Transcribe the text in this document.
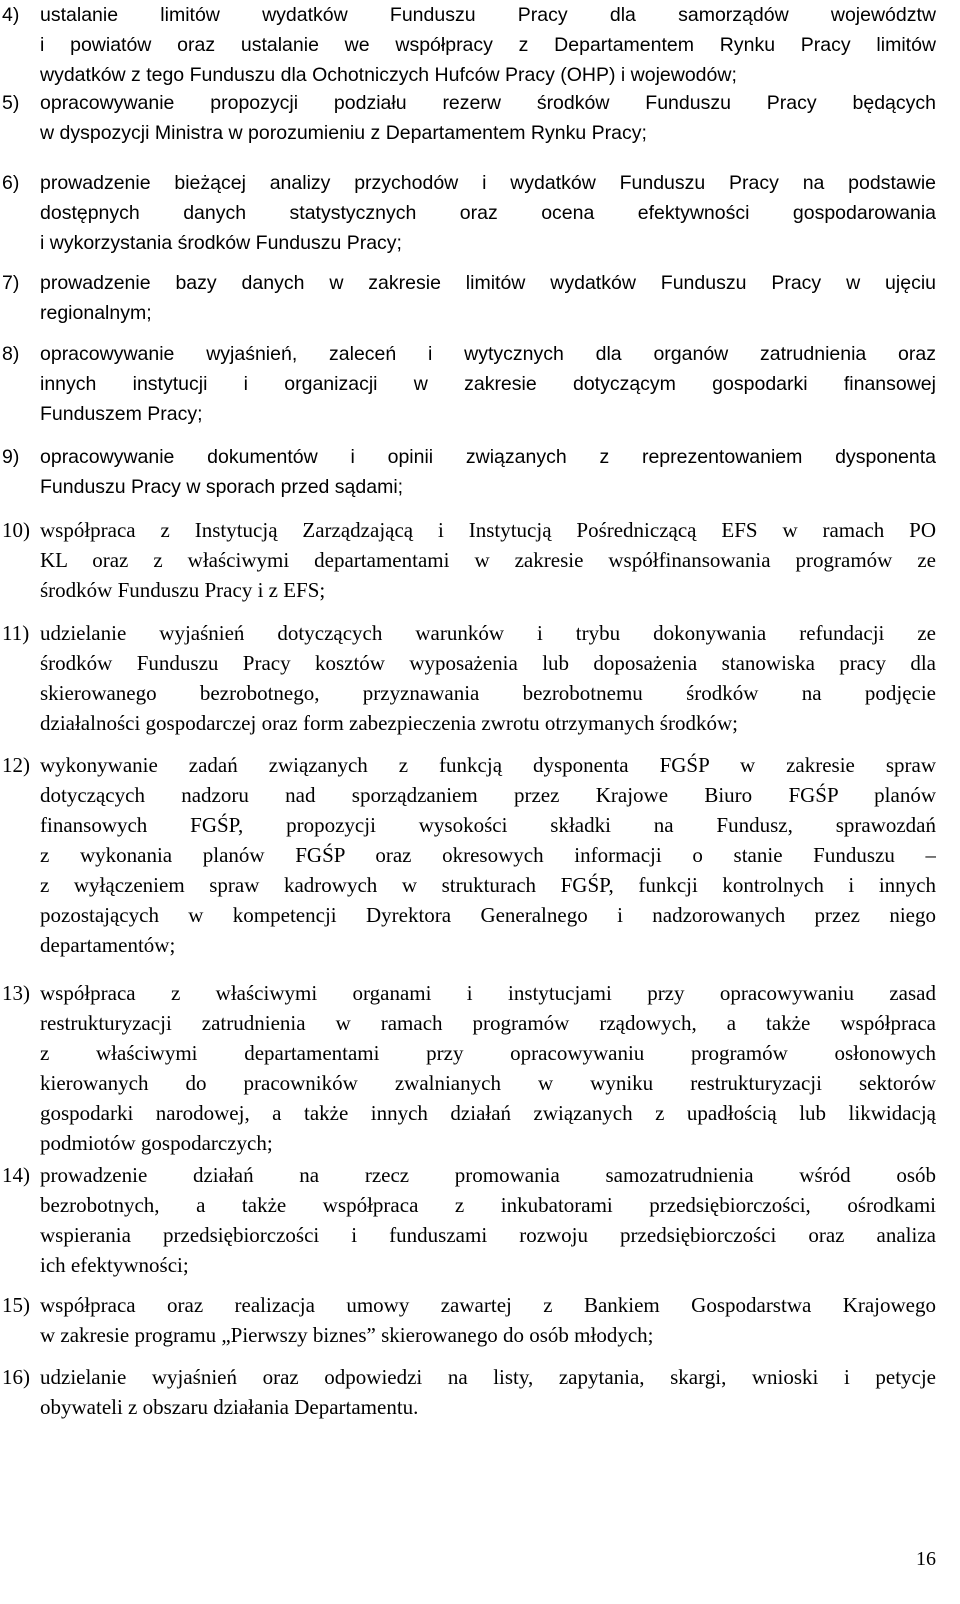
4) ustalanie limitów wydatków Funduszu Pracy dla samorządów województw
i powiatów oraz ustalanie we współpracy z Departamentem Rynku Pracy limitów
wydatków z tego Funduszu dla Ochotniczych Hufców Pracy (OHP) i wojewodów;
5) opracowywanie propozycji podziału rezerw środków Funduszu Pracy będących
w dyspozycji Ministra w porozumieniu z Departamentem Rynku Pracy;
6) prowadzenie bieżącej analizy przychodów i wydatków Funduszu Pracy na podstawie
dostępnych danych statystycznych oraz ocena efektywności gospodarowania
i wykorzystania środków Funduszu Pracy;
7) prowadzenie bazy danych w zakresie limitów wydatków Funduszu Pracy w ujęciu
regionalnym;
8) opracowywanie wyjaśnień, zaleceń i wytycznych dla organów zatrudnienia oraz
innych instytucji i organizacji w zakresie dotyczącym gospodarki finansowej
Funduszem Pracy;
9) opracowywanie dokumentów i opinii związanych z reprezentowaniem dysponenta
Funduszu Pracy w sporach przed sądami;
10) współpraca z Instytucją Zarządzającą i Instytucją Pośredniczącą EFS w ramach PO
KL oraz z właściwymi departamentami w zakresie współfinansowania programów ze
środków Funduszu Pracy i z EFS;
11) udzielanie wyjaśnień dotyczących warunków i trybu dokonywania refundacji ze
środków Funduszu Pracy kosztów wyposażenia lub doposażenia stanowiska pracy dla
skierowanego bezrobotnego, przyznawania bezrobotnemu środków na podjęcie
działalności gospodarczej oraz form zabezpieczenia zwrotu otrzymanych środków;
12) wykonywanie zadań związanych z funkcją dysponenta FGŚP w zakresie spraw
dotyczących nadzoru nad sporządzaniem przez Krajowe Biuro FGŚP planów
finansowych FGŚP, propozycji wysokości składki na Fundusz, sprawozdań
z wykonania planów FGŚP oraz okresowych informacji o stanie Funduszu –
z wyłączeniem spraw kadrowych w strukturach FGŚP, funkcji kontrolnych i innych
pozostających w kompetencji Dyrektora Generalnego i nadzorowanych przez niego
departamentów;
13) współpraca z właściwymi organami i instytucjami przy opracowywaniu zasad
restrukturyzacji zatrudnienia w ramach programów rządowych, a także współpraca
z właściwymi departamentami przy opracowywaniu programów osłonowych
kierowanych do pracowników zwalnianych w wyniku restrukturyzacji sektorów
gospodarki narodowej, a także innych działań związanych z upadłością lub likwidacją
podmiotów gospodarczych;
14) prowadzenie działań na rzecz promowania samozatrudnienia wśród osób
bezrobotnych, a także współpraca z inkubatorami przedsiębiorczości, ośrodkami
wspierania przedsiębiorczości i funduszami rozwoju przedsiębiorczości oraz analiza
ich efektywności;
15) współpraca oraz realizacja umowy zawartej z Bankiem Gospodarstwa Krajowego
w zakresie programu „Pierwszy biznes” skierowanego do osób młodych;
16) udzielanie wyjaśnień oraz odpowiedzi na listy, zapytania, skargi, wnioski i petycje
obywateli z obszaru działania Departamentu.
16
